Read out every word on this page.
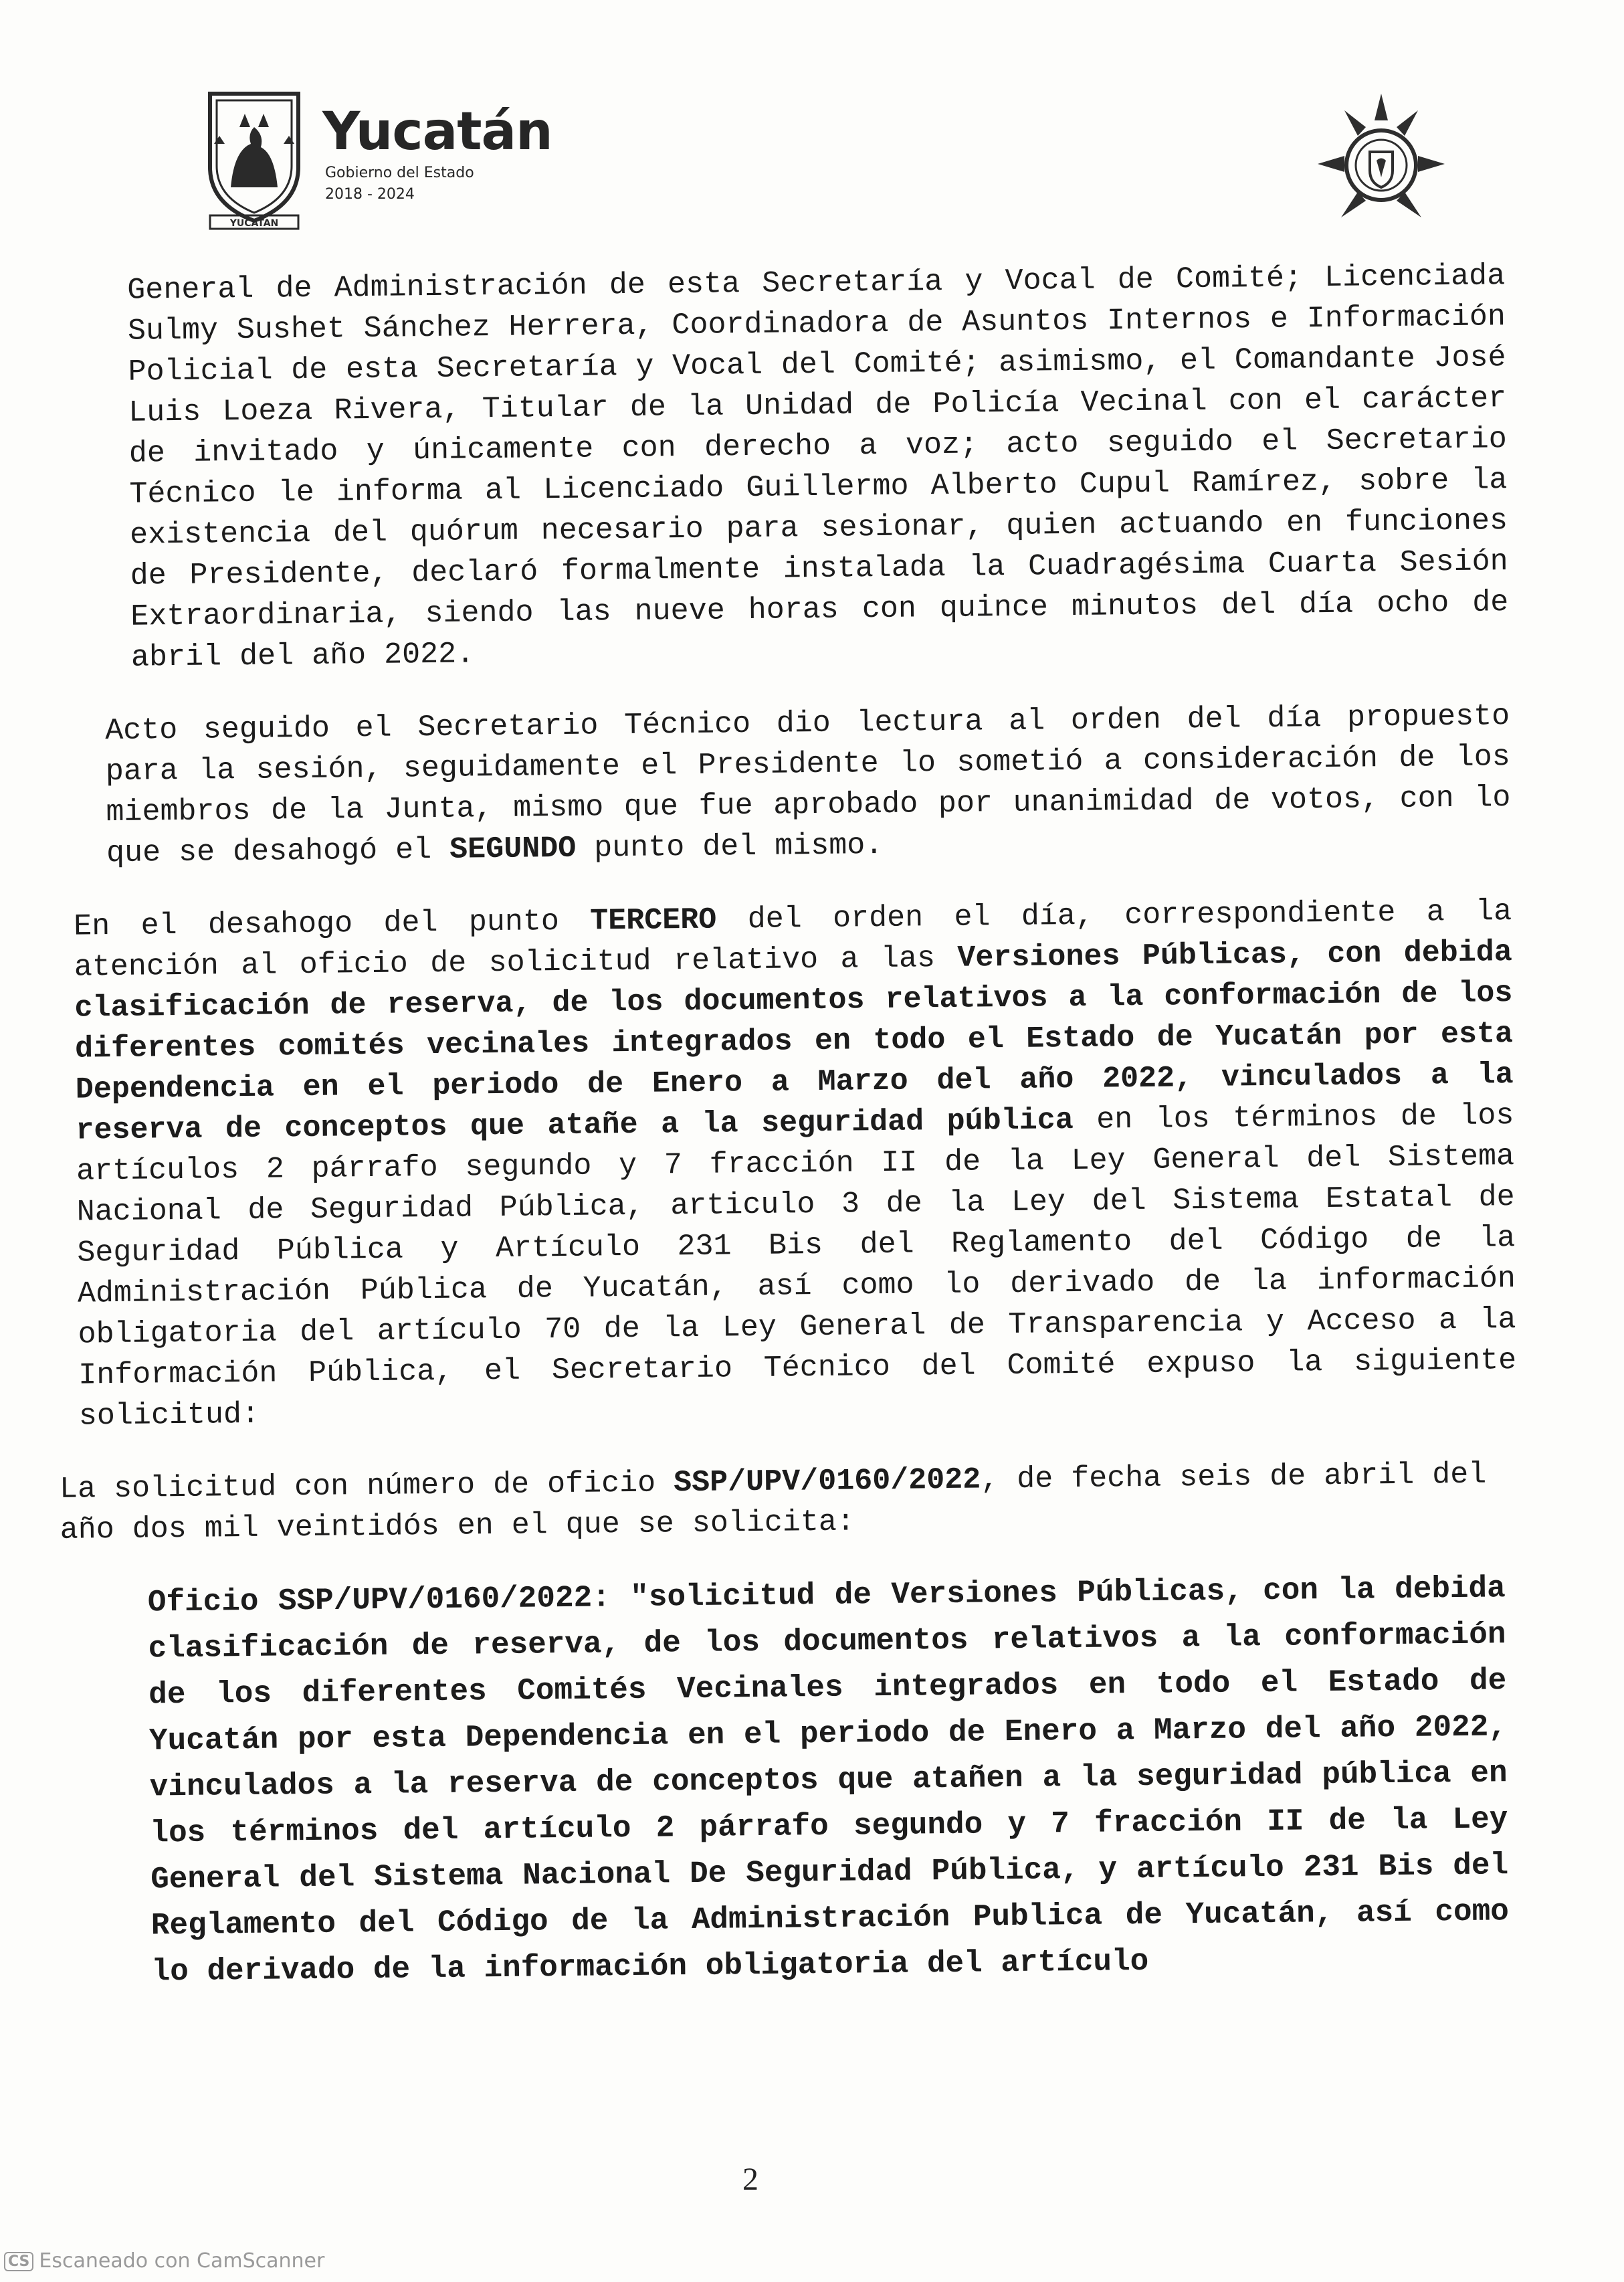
YUCATAN
Yucatán
Gobierno del Estado
2018 - 2024

General de Administración de esta Secretaría y Vocal de Comité; Licenciada Sulmy Sushet Sánchez Herrera, Coordinadora de Asuntos Internos e Información Policial de esta Secretaría y Vocal del Comité; asimismo, el Comandante José Luis Loeza Rivera, Titular de la Unidad de Policía Vecinal con el carácter de invitado y únicamente con derecho a voz; acto seguido el Secretario Técnico le informa al Licenciado Guillermo Alberto Cupul Ramírez, sobre la existencia del quórum necesario para sesionar, quien actuando en funciones de Presidente, declaró formalmente instalada la Cuadragésima Cuarta Sesión Extraordinaria, siendo las nueve horas con quince minutos del día ocho de abril del año 2022.

Acto seguido el Secretario Técnico dio lectura al orden del día propuesto para la sesión, seguidamente el Presidente lo sometió a consideración de los miembros de la Junta, mismo que fue aprobado por unanimidad de votos, con lo que se desahogó el SEGUNDO punto del mismo.

En el desahogo del punto TERCERO del orden el día, correspondiente a la atención al oficio de solicitud relativo a las Versiones Públicas, con debida clasificación de reserva, de los documentos relativos a la conformación de los diferentes comités vecinales integrados en todo el Estado de Yucatán por esta Dependencia en el periodo de Enero a Marzo del año 2022, vinculados a la reserva de conceptos que atañe a la seguridad pública en los términos de los artículos 2 párrafo segundo y 7 fracción II de la Ley General del Sistema Nacional de Seguridad Pública, articulo 3 de la Ley del Sistema Estatal de Seguridad Pública y Artículo 231 Bis del Reglamento del Código de la Administración Pública de Yucatán, así como lo derivado de la información obligatoria del artículo 70 de la Ley General de Transparencia y Acceso a la Información Pública, el Secretario Técnico del Comité expuso la siguiente solicitud:

La solicitud con número de oficio SSP/UPV/0160/2022, de fecha seis de abril del año dos mil veintidós en el que se solicita:

Oficio SSP/UPV/0160/2022: "solicitud de Versiones Públicas, con la debida clasificación de reserva, de los documentos relativos a la conformación de los diferentes Comités Vecinales integrados en todo el Estado de Yucatán por esta Dependencia en el periodo de Enero a Marzo del año 2022, vinculados a la reserva de conceptos que atañen a la seguridad pública en los términos del artículo 2 párrafo segundo y 7 fracción II de la Ley General del Sistema Nacional De Seguridad Pública, y artículo 231 Bis del Reglamento del Código de la Administración Publica de Yucatán, así como lo derivado de la información obligatoria del artículo

2
CS Escaneado con CamScanner
